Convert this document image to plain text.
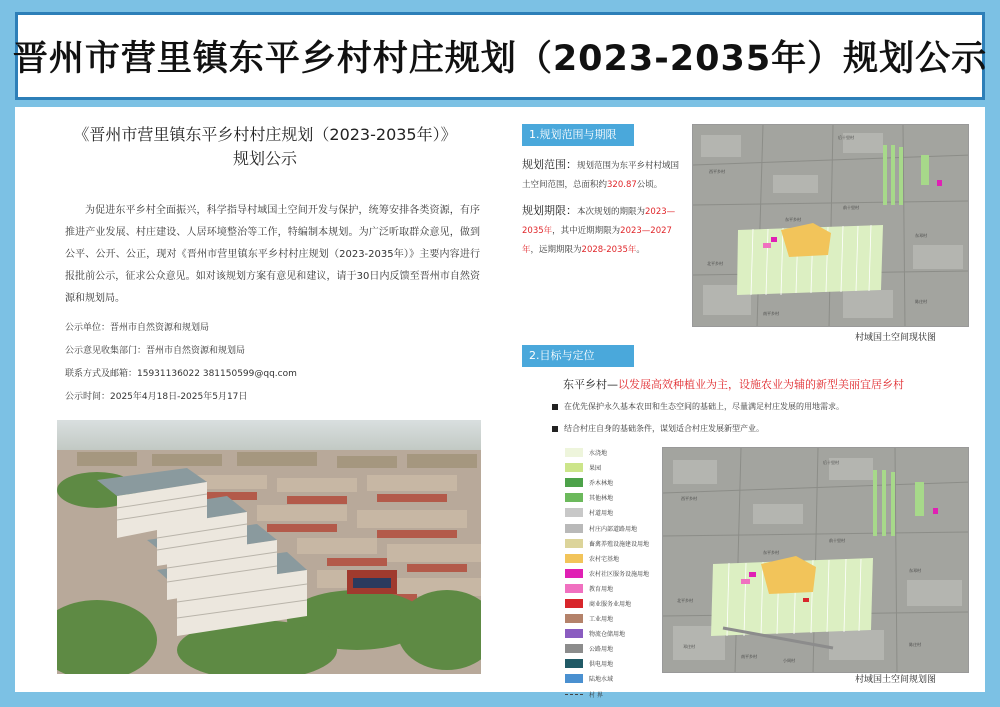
晋州市营里镇东平乡村村庄规划（2023-2035年）规划公示
《晋州市营里镇东平乡村村庄规划（2023-2035年）》
规划公示

为促进东平乡村全面振兴，科学指导村域国土空间开发与保护，统筹安排各类资源，有序推进产业发展、村庄建设、人居环境整治等工作，特编制本规划。为广泛听取群众意见，做到公平、公开、公正，现对《晋州市营里镇东平乡村村庄规划（2023-2035年）》主要内容进行报批前公示，征求公众意见。如对该规划方案有意见和建议，请于30日内反馈至晋州市自然资源和规划局。

公示单位：晋州市自然资源和规划局
公示意见收集部门：晋州市自然资源和规划局
联系方式及邮箱：15931136022 381150599@qq.com
公示时间：2025年4月18日-2025年5月17日
1.规划范围与期限
规划范围：规划范围为东平乡村村域国土空间范围，总面积约320.87公顷。
规划期限：本次规划的期限为2023—2035年，其中近期期限为2023—2027年，远期期限为2028-2035年。
后十里村
前十里村
东平乡村
北平乡村
西平乡村
南平乡村
东邓村
陈庄村
村域国土空间现状图
2.目标与定位
东平乡村—以发展高效种植业为主，设施农业为辅的新型美丽宜居乡村
在优先保护永久基本农田和生态空间的基础上，尽量满足村庄发展的用地需求。
结合村庄自身的基础条件，谋划适合村庄发展新型产业。
水浇地
果园
乔木林地
其他林地
村道用地
村庄内部道路用地
畜禽养殖设施建设用地
农村宅基地
农村社区服务设施用地
教育用地
商业服务业用地
工业用地
物流仓储用地
公路用地
供电用地
陆地水域
村 界
后十里村
前十里村
东平乡村
北平乡村
西平乡村
南平乡村
东邓村
陈庄村
邓庄村
小周村
村域国土空间规划图
